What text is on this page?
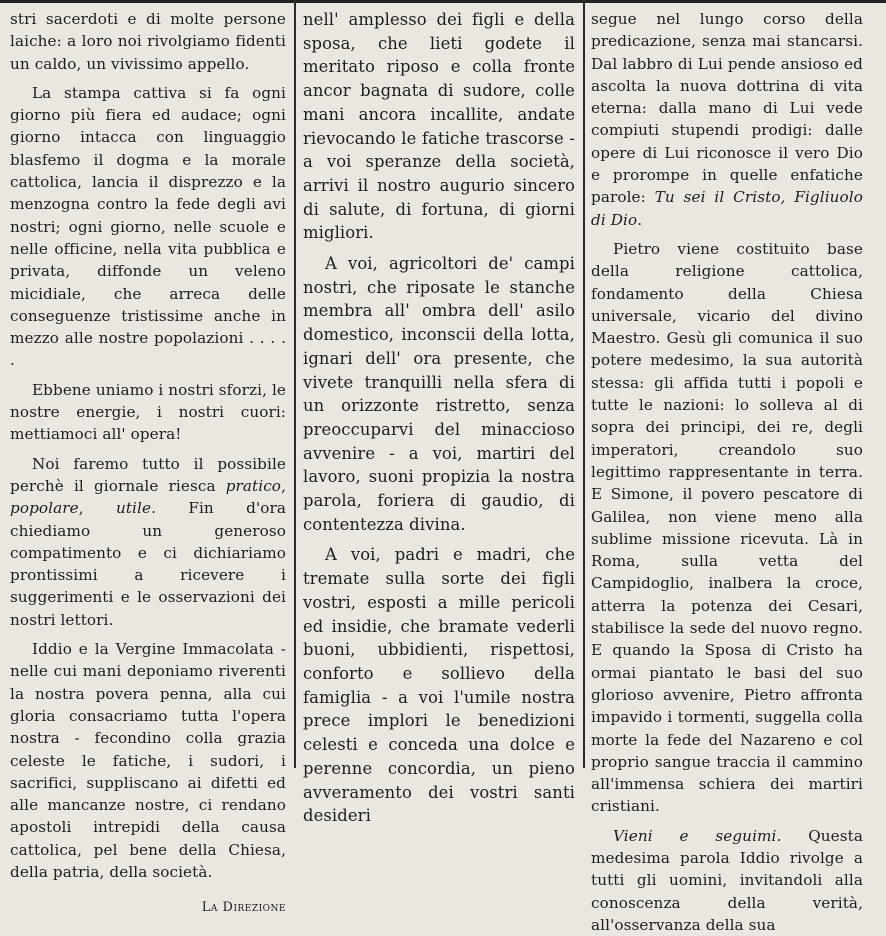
stri sacerdoti e di molte persone laiche: a loro noi rivolgiamo fidenti un caldo, un vivissimo appello.

La stampa cattiva si fa ogni giorno più fiera ed audace; ogni giorno intacca con linguaggio blasfemo il dogma e la morale cattolica, lancia il disprezzo e la menzogna contro la fede degli avi nostri; ogni giorno, nelle scuole e nelle officine, nella vita pubblica e privata, diffonde un veleno micidiale, che arreca delle conseguenze tristissime anche in mezzo alle nostre popolazioni . . . . .

Ebbene uniamo i nostri sforzi, le nostre energie, i nostri cuori: mettiamoci all' opera!

Noi faremo tutto il possibile perchè il giornale riesca pratico, popolare, utile. Fin d'ora chiediamo un generoso compatimento e ci dichiariamo prontissimi a ricevere i suggerimenti e le osservazioni dei nostri lettori.

Iddio e la Vergine Immacolata - nelle cui mani deponiamo riverenti la nostra povera penna, alla cui gloria consacriamo tutta l'opera nostra - fecondino colla grazia celeste le fatiche, i sudori, i sacrifici, suppliscano ai difetti ed alle mancanze nostre, ci rendano apostoli intrepidi della causa cattolica, pel bene della Chiesa, della patria, della società.

La Direzione

nell' amplesso dei figli e della sposa, che lieti godete il meritato riposo e colla fronte ancor bagnata di sudore, colle mani ancora incallite, andate rievocando le fatiche trascorse - a voi speranze della società, arrivi il nostro augurio sincero di salute, di fortuna, di giorni migliori.

A voi, agricoltori de' campi nostri, che riposate le stanche membra all' ombra dell' asilo domestico, inconscii della lotta, ignari dell' ora presente, che vivete tranquilli nella sfera di un orizzonte ristretto, senza preoccuparvi del minaccioso avvenire - a voi, martiri del lavoro, suoni propizia la nostra parola, foriera di gaudio, di contentezza divina.

A voi, padri e madri, che tremate sulla sorte dei figli vostri, esposti a mille pericoli ed insidie, che bramate vederli buoni, ubbidienti, rispettosi, conforto e sollievo della famiglia - a voi l'umile nostra prece implori le benedizioni celesti e conceda una dolce e perenne concordia, un pieno avveramento dei vostri santi desideri

segue nel lungo corso della predicazione, senza mai stancarsi. Dal labbro di Lui pende ansioso ed ascolta la nuova dottrina di vita eterna: dalla mano di Lui vede compiuti stupendi prodigi: dalle opere di Lui riconosce il vero Dio e prorompe in quelle enfatiche parole: Tu sei il Cristo, Figliuolo di Dio.

Pietro viene costituito base della religione cattolica, fondamento della Chiesa universale, vicario del divino Maestro. Gesù gli comunica il suo potere medesimo, la sua autorità stessa: gli affida tutti i popoli e tutte le nazioni: lo solleva al di sopra dei principi, dei re, degli imperatori, creandolo suo legittimo rappresentante in terra. E Simone, il povero pescatore di Galilea, non viene meno alla sublime missione ricevuta. Là in Roma, sulla vetta del Campidoglio, inalbera la croce, atterra la potenza dei Cesari, stabilisce la sede del nuovo regno. E quando la Sposa di Cristo ha ormai piantato le basi del suo glorioso avvenire, Pietro affronta impavido i tormenti, suggella colla morte la fede del Nazareno e col proprio sangue traccia il cammino all'immensa schiera dei martiri cristiani.

Vieni e seguimi. Questa medesima parola Iddio rivolge a tutti gli uomini, invitandoli alla conoscenza della verità, all'osservanza della sua
